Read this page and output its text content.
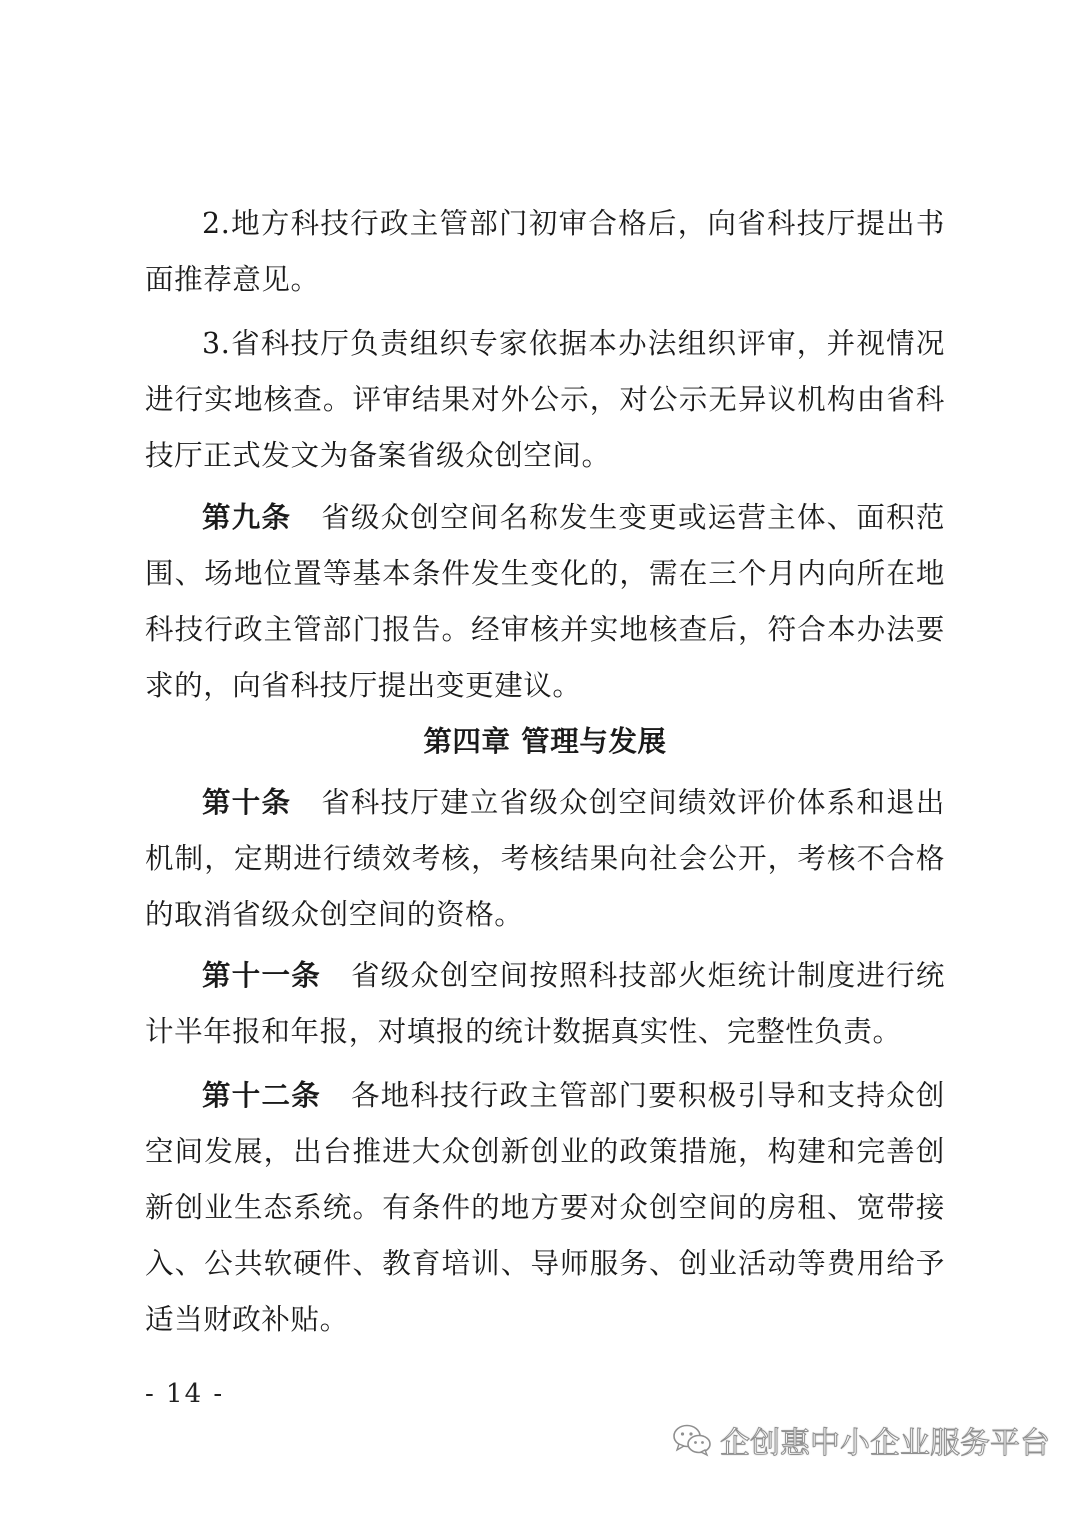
2.地方科技行政主管部门初审合格后，向省科技厅提出书面推荐意见。

3.省科技厅负责组织专家依据本办法组织评审，并视情况进行实地核查。评审结果对外公示，对公示无异议机构由省科技厅正式发文为备案省级众创空间。

第九条 省级众创空间名称发生变更或运营主体、面积范围、场地位置等基本条件发生变化的，需在三个月内向所在地科技行政主管部门报告。经审核并实地核查后，符合本办法要求的，向省科技厅提出变更建议。

第四章 管理与发展

第十条 省科技厅建立省级众创空间绩效评价体系和退出机制，定期进行绩效考核，考核结果向社会公开，考核不合格的取消省级众创空间的资格。

第十一条 省级众创空间按照科技部火炬统计制度进行统计半年报和年报，对填报的统计数据真实性、完整性负责。

第十二条 各地科技行政主管部门要积极引导和支持众创空间发展，出台推进大众创新创业的政策措施，构建和完善创新创业生态系统。有条件的地方要对众创空间的房租、宽带接入、公共软硬件、教育培训、导师服务、创业活动等费用给予适当财政补贴。

- 14 -
企创惠中小企业服务平台
